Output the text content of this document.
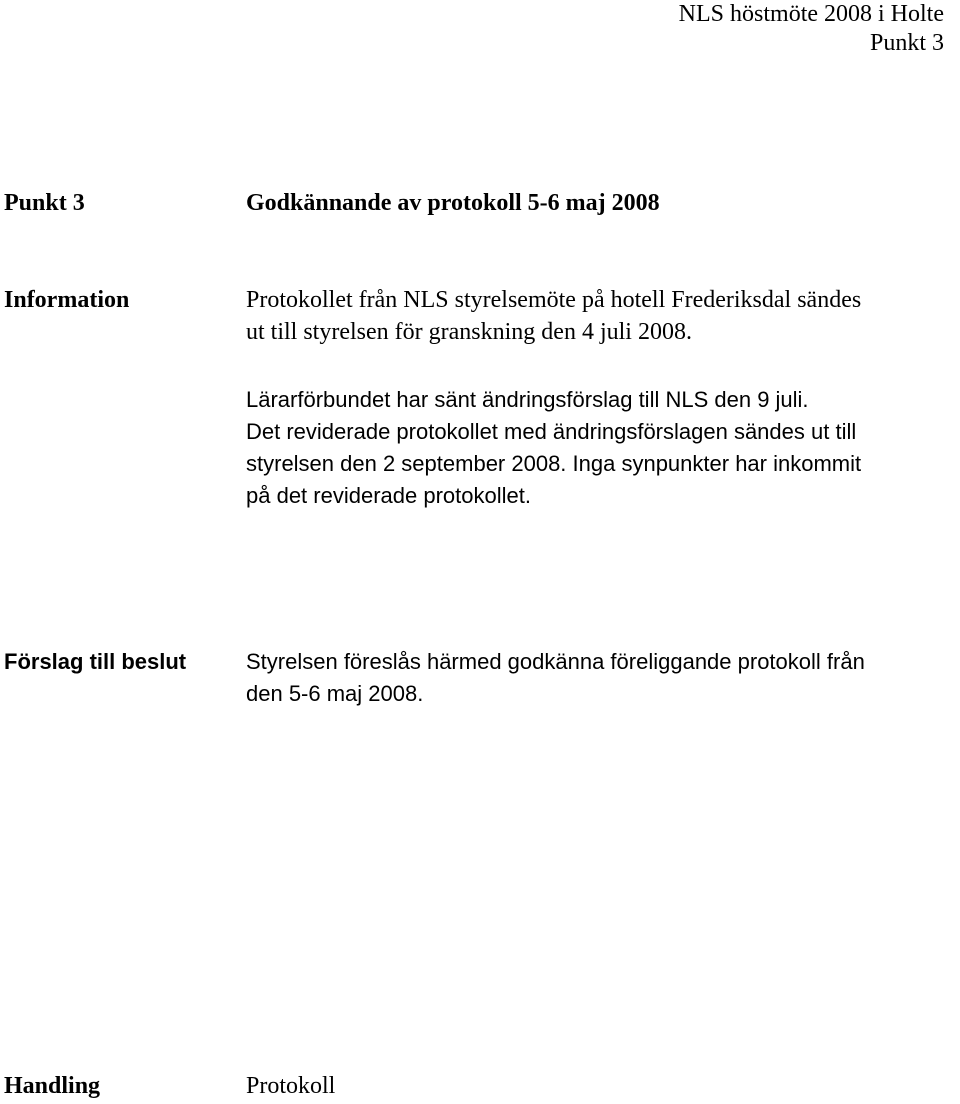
NLS höstmöte 2008 i Holte
Punkt 3
Punkt 3	Godkännande av protokoll 5-6 maj 2008
Information	Protokollet från NLS styrelsemöte på hotell Frederiksdal sändes
ut till styrelsen för granskning den 4 juli 2008.
Lärarförbundet har sänt ändringsförslag till NLS den 9 juli.
Det reviderade protokollet med ändringsförslagen sändes ut till
styrelsen den 2 september 2008. Inga synpunkter har inkommit
på det reviderade protokollet.
Förslag till beslut	Styrelsen föreslås härmed godkänna föreliggande protokoll från
den 5-6 maj 2008.
Handling	Protokoll
